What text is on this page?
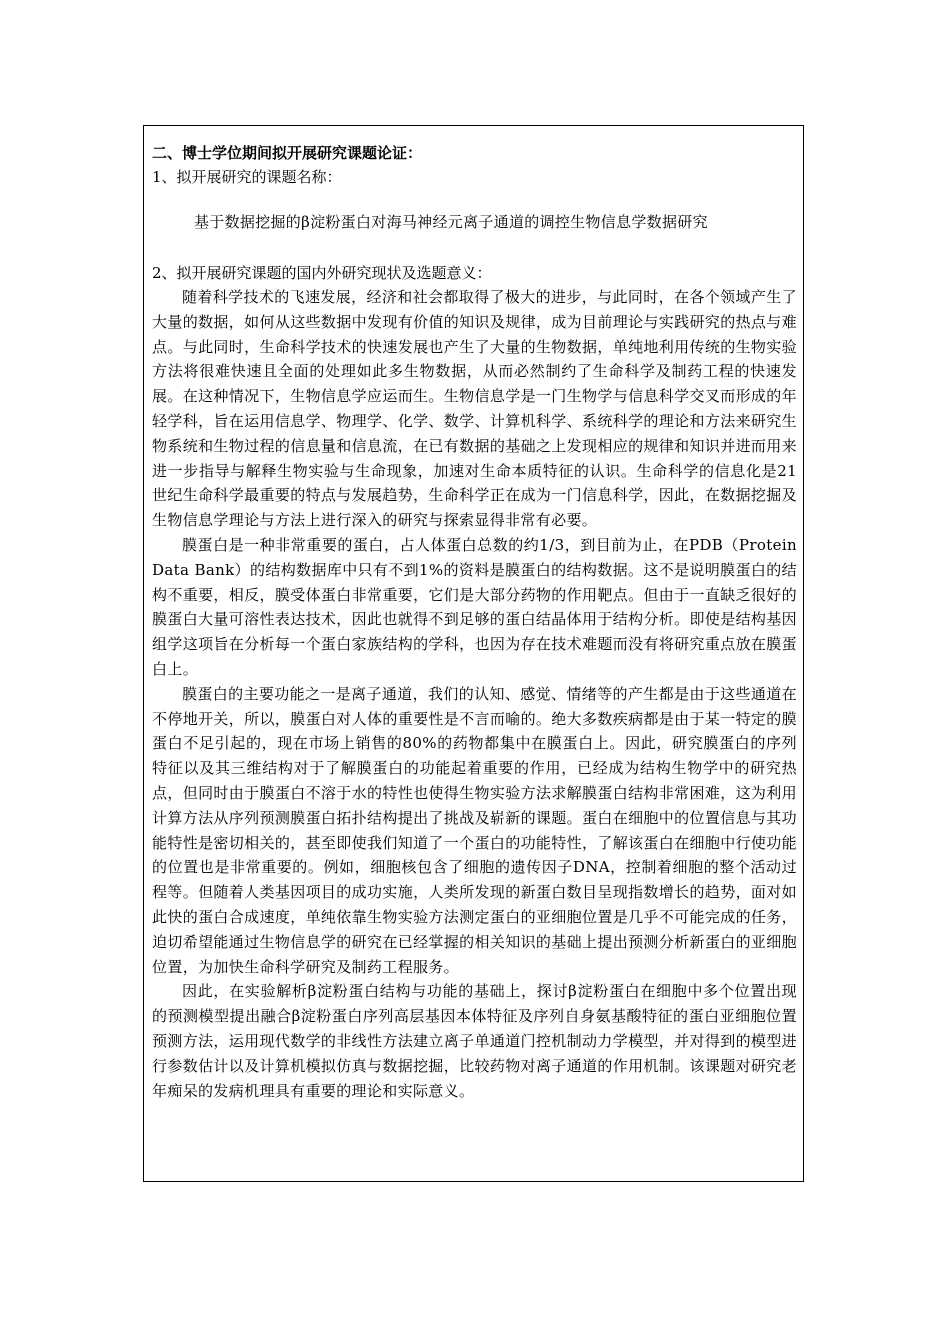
二、博士学位期间拟开展研究课题论证：

1、拟开展研究的课题名称：

基于数据挖掘的β淀粉蛋白对海马神经元离子通道的调控生物信息学数据研究

2、拟开展研究课题的国内外研究现状及选题意义：

随着科学技术的飞速发展，经济和社会都取得了极大的进步，与此同时，在各个领域产生了大量的数据，如何从这些数据中发现有价值的知识及规律，成为目前理论与实践研究的热点与难点。与此同时，生命科学技术的快速发展也产生了大量的生物数据，单纯地利用传统的生物实验方法将很难快速且全面的处理如此多生物数据，从而必然制约了生命科学及制药工程的快速发展。在这种情况下，生物信息学应运而生。生物信息学是一门生物学与信息科学交叉而形成的年轻学科，旨在运用信息学、物理学、化学、数学、计算机科学、系统科学的理论和方法来研究生物系统和生物过程的信息量和信息流，在已有数据的基础之上发现相应的规律和知识并进而用来进一步指导与解释生物实验与生命现象，加速对生命本质特征的认识。生命科学的信息化是21世纪生命科学最重要的特点与发展趋势，生命科学正在成为一门信息科学，因此，在数据挖掘及生物信息学理论与方法上进行深入的研究与探索显得非常有必要。

膜蛋白是一种非常重要的蛋白，占人体蛋白总数的约1/3，到目前为止，在PDB（Protein Data Bank）的结构数据库中只有不到1%的资料是膜蛋白的结构数据。这不是说明膜蛋白的结构不重要，相反，膜受体蛋白非常重要，它们是大部分药物的作用靶点。但由于一直缺乏很好的膜蛋白大量可溶性表达技术，因此也就得不到足够的蛋白结晶体用于结构分析。即使是结构基因组学这项旨在分析每一个蛋白家族结构的学科，也因为存在技术难题而没有将研究重点放在膜蛋白上。

膜蛋白的主要功能之一是离子通道，我们的认知、感觉、情绪等的产生都是由于这些通道在不停地开关，所以，膜蛋白对人体的重要性是不言而喻的。绝大多数疾病都是由于某一特定的膜蛋白不足引起的，现在市场上销售的80%的药物都集中在膜蛋白上。因此，研究膜蛋白的序列特征以及其三维结构对于了解膜蛋白的功能起着重要的作用，已经成为结构生物学中的研究热点，但同时由于膜蛋白不溶于水的特性也使得生物实验方法求解膜蛋白结构非常困难，这为利用计算方法从序列预测膜蛋白拓扑结构提出了挑战及崭新的课题。蛋白在细胞中的位置信息与其功能特性是密切相关的，甚至即使我们知道了一个蛋白的功能特性，了解该蛋白在细胞中行使功能的位置也是非常重要的。例如，细胞核包含了细胞的遗传因子DNA，控制着细胞的整个活动过程等。但随着人类基因项目的成功实施，人类所发现的新蛋白数目呈现指数增长的趋势，面对如此快的蛋白合成速度，单纯依靠生物实验方法测定蛋白的亚细胞位置是几乎不可能完成的任务，迫切希望能通过生物信息学的研究在已经掌握的相关知识的基础上提出预测分析新蛋白的亚细胞位置，为加快生命科学研究及制药工程服务。

因此，在实验解析β淀粉蛋白结构与功能的基础上，探讨β淀粉蛋白在细胞中多个位置出现的预测模型提出融合β淀粉蛋白序列高层基因本体特征及序列自身氨基酸特征的蛋白亚细胞位置预测方法，运用现代数学的非线性方法建立离子单通道门控机制动力学模型，并对得到的模型进行参数估计以及计算机模拟仿真与数据挖掘，比较药物对离子通道的作用机制。该课题对研究老年痴呆的发病机理具有重要的理论和实际意义。
